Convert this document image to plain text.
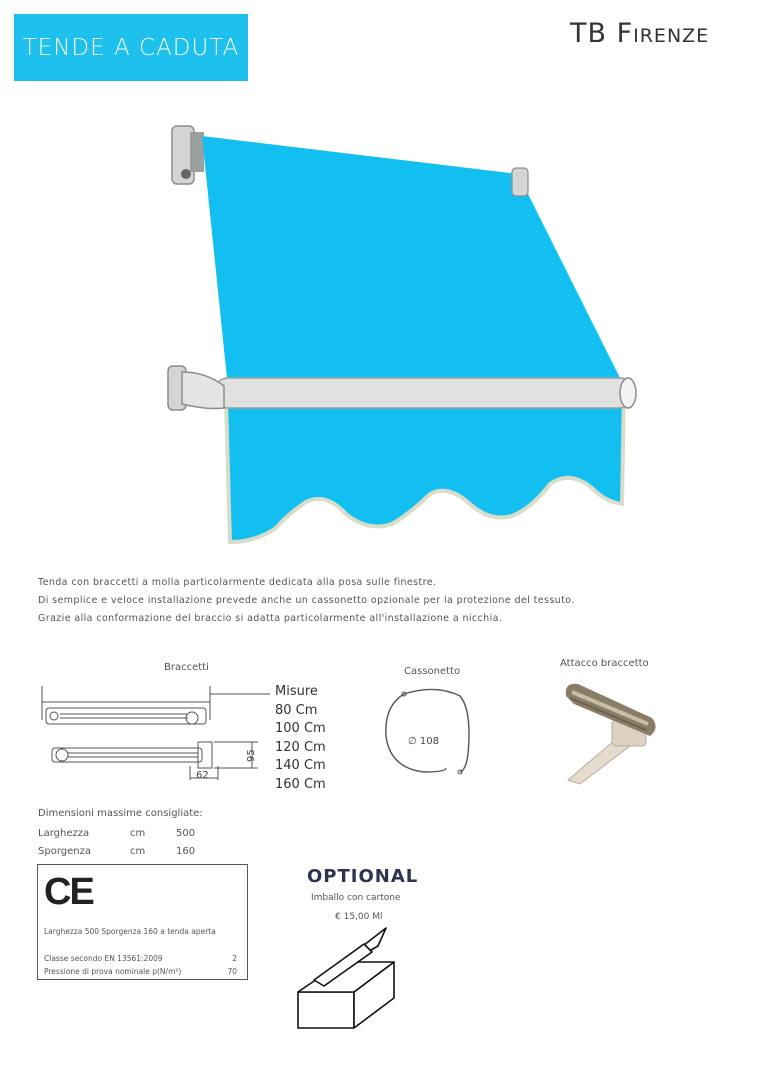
TENDE A CADUTA	TB Firenze
Tenda con braccetti a molla particolarmente dedicata alla posa sulle finestre.
Di semplice e veloce installazione prevede anche un cassonetto opzionale per la protezione del tessuto.
Grazie alla conformazione del braccio si adatta particolarmente all'installazione a nicchia.
Braccetti
95
62
Misure
80 Cm
100 Cm
120 Cm
140 Cm
160 Cm
Cassonetto
∅ 108
Attacco braccetto
Dimensioni massime consigliate:
Larghezza	cm	500
Sporgenza	cm	160
CE
Larghezza 500 Sporgenza 160 a tenda aperta
Classe secondo EN 13561:2009	2
Pressione di prova nominale p(N/m²)	70
OPTIONAL
Imballo con cartone
€ 15,00 Ml
